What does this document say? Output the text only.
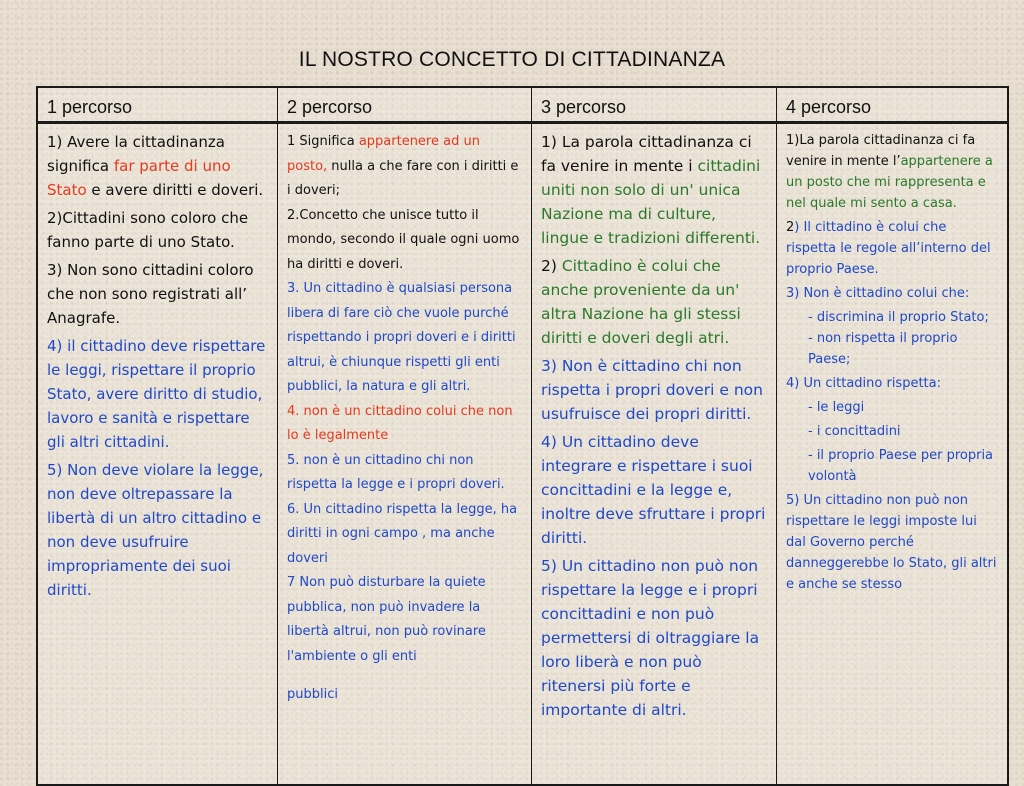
IL NOSTRO CONCETTO DI CITTADINANZA
1 percorso

1) Avere la cittadinanza significa far parte di uno Stato e avere diritti e doveri.

2)Cittadini sono coloro che fanno parte di uno Stato.

3) Non sono cittadini coloro che non sono registrati all’ Anagrafe.

4) il cittadino deve rispettare le leggi, rispettare il proprio Stato, avere diritto di studio, lavoro e sanità e rispettare gli altri cittadini.

5) Non deve violare la legge, non deve oltrepassare la libertà di un altro cittadino e non deve usufruire impropriamente dei suoi diritti.

2 percorso

1 Significa appartenere ad un posto, nulla a che fare con i diritti e i doveri;

2.Concetto che unisce tutto il mondo, secondo il quale ogni uomo ha diritti e doveri.

3. Un cittadino è qualsiasi persona libera di fare ciò che vuole purché rispettando i propri doveri e i diritti altrui, è chiunque rispetti gli enti pubblici, la natura e gli altri.

4. non è un cittadino colui che non lo è legalmente

5. non è un cittadino chi non rispetta la legge e i propri doveri.

6. Un cittadino rispetta la legge, ha diritti in ogni campo , ma anche doveri

7 Non può disturbare la quiete pubblica, non può invadere la libertà altrui, non può rovinare l'ambiente o gli enti

pubblici

3 percorso

1) La parola cittadinanza ci fa venire in mente i cittadini uniti non solo di un' unica Nazione ma di culture, lingue e tradizioni differenti.

2) Cittadino è colui che anche proveniente da un' altra Nazione ha gli stessi diritti e doveri degli atri.

3) Non è cittadino chi non rispetta i propri doveri e non usufruisce dei propri diritti.

4) Un cittadino deve integrare e rispettare i suoi concittadini e la legge e, inoltre deve sfruttare i propri diritti.

5) Un cittadino non può non rispettare la legge e i propri concittadini e non può permettersi di oltraggiare la loro liberà e non può ritenersi più forte e importante di altri.

4 percorso

1)La parola cittadinanza ci fa venire in mente l’appartenere a un posto che mi rappresenta e nel quale mi sento a casa.

2) Il cittadino è colui che rispetta le regole all’interno del proprio Paese.

3) Non è cittadino colui che:

- discrimina il proprio Stato;

- non rispetta il proprio Paese;

4) Un cittadino rispetta:

- le leggi

- i concittadini

- il proprio Paese per propria volontà

5) Un cittadino non può non rispettare le leggi imposte lui dal Governo perché danneggerebbe lo Stato, gli altri e anche se stesso
